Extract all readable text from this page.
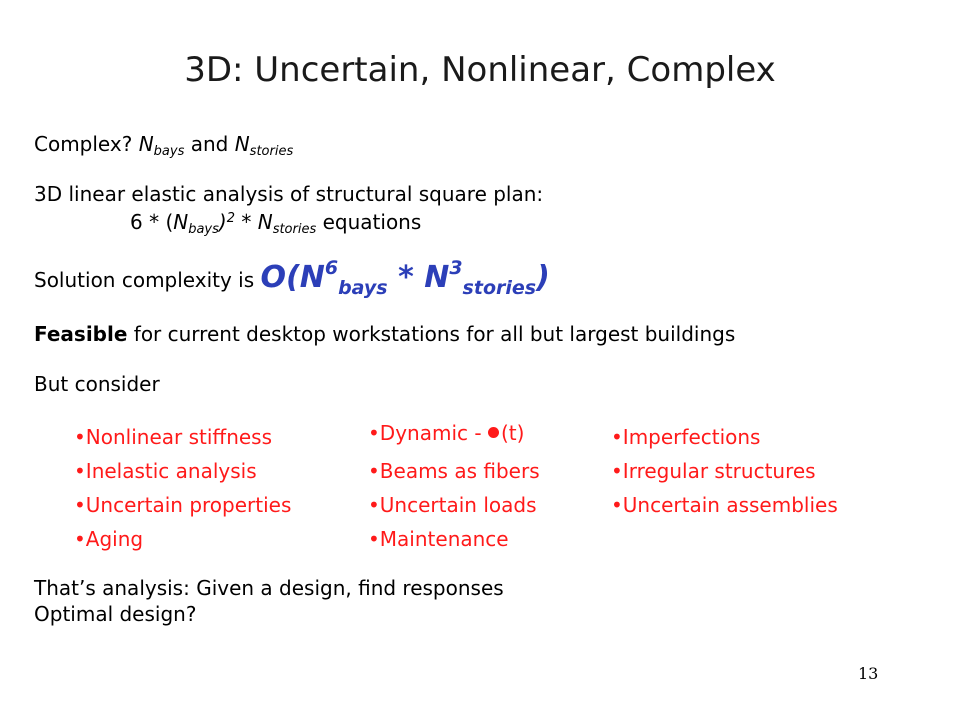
3D: Uncertain, Nonlinear, Complex
Complex? $N_{bays}$ and $N_{stories}$
3D linear elastic analysis of structural square plan:
$6 * (N_{bays})^2 * N_{stories}$ equations
Solution complexity is $O(N^6_{bays} * N^3_{stories})$
Feasible for current desktop workstations for all but largest buildings
But consider
•Nonlinear stiffness
•Inelastic analysis
•Uncertain properties
•Aging
•Dynamic - (t)
•Beams as fibers
•Uncertain loads
•Maintenance
•Imperfections
•Irregular structures
•Uncertain assemblies
That’s analysis: Given a design, find responses
Optimal design?
13
